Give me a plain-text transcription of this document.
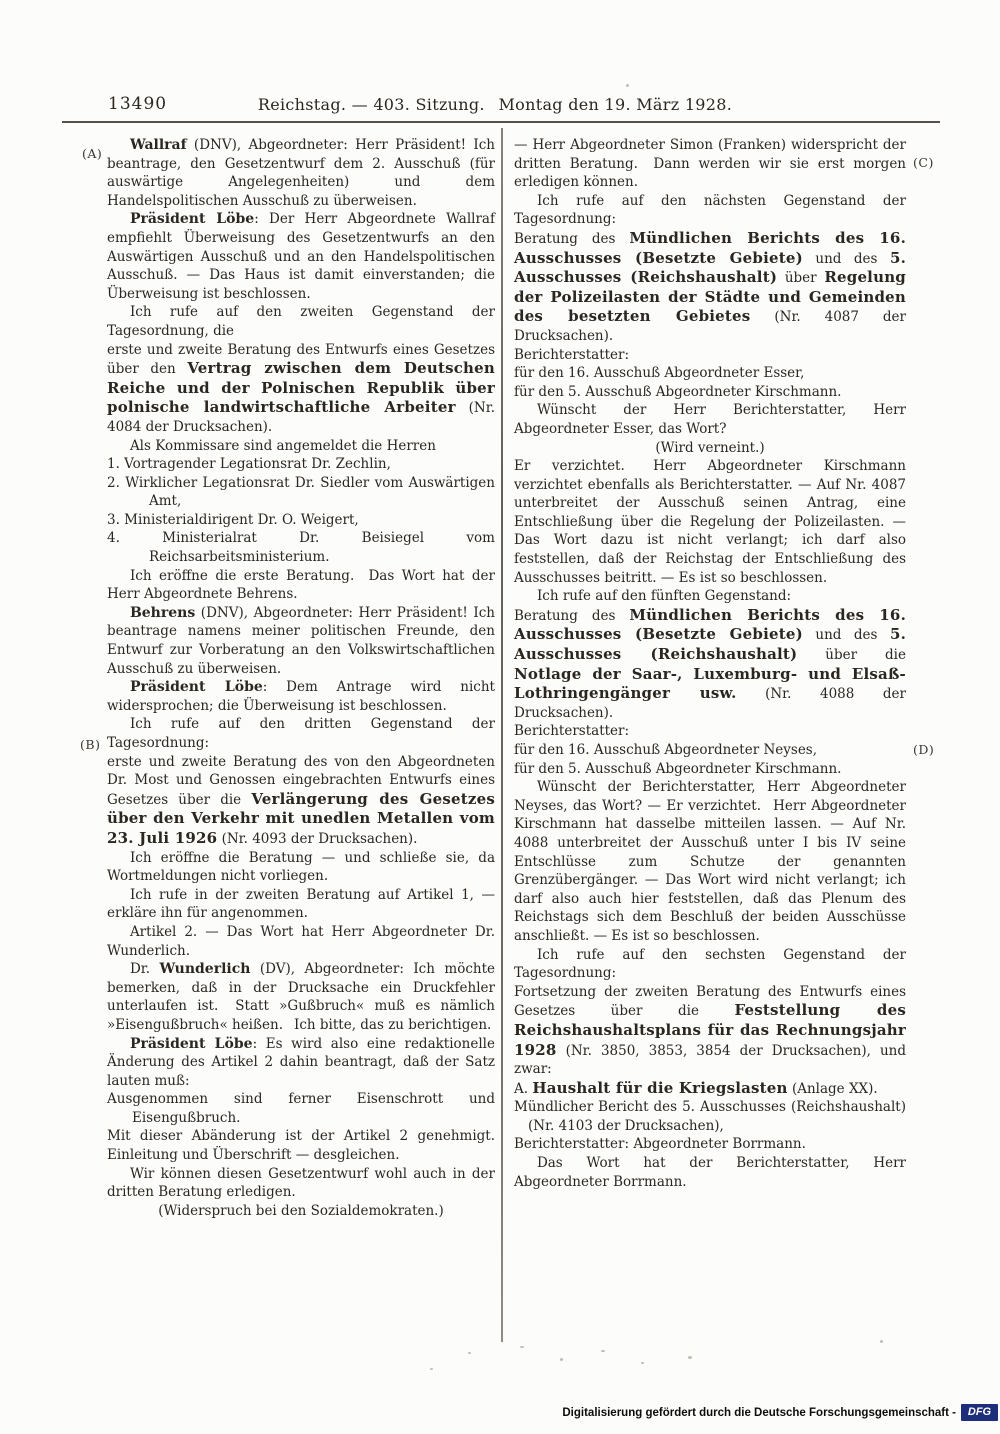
13490	Reichstag. — 403. Sitzung.  Montag den 19. März 1928.
(A)
(B)
(C)
(D)

Wallraf (DNV), Abgeordneter: Herr Präsident! Ich beantrage, den Gesetzentwurf dem 2. Ausschuß (für auswärtige Angelegenheiten) und dem Handelspolitischen Ausschuß zu überweisen.

Präsident Löbe: Der Herr Abgeordnete Wallraf empfiehlt Überweisung des Gesetzentwurfs an den Auswärtigen Ausschuß und an den Handelspolitischen Ausschuß. — Das Haus ist damit einverstanden; die Überweisung ist beschlossen.

Ich rufe auf den zweiten Gegenstand der Tagesordnung, die

erste und zweite Beratung des Entwurfs eines Gesetzes über den Vertrag zwischen dem Deutschen Reiche und der Polnischen Republik über polnische landwirtschaftliche Arbeiter (Nr. 4084 der Drucksachen).

Als Kommissare sind angemeldet die Herren

1. Vortragender Legationsrat Dr. Zechlin,

2. Wirklicher Legationsrat Dr. Siedler vom Auswärtigen Amt,

3. Ministerialdirigent Dr. O. Weigert,

4. Ministerialrat Dr. Beisiegel vom Reichsarbeitsministerium.

Ich eröffne die erste Beratung.  Das Wort hat der Herr Abgeordnete Behrens.

Behrens (DNV), Abgeordneter: Herr Präsident! Ich beantrage namens meiner politischen Freunde, den Entwurf zur Vorberatung an den Volkswirtschaftlichen Ausschuß zu überweisen.

Präsident Löbe: Dem Antrage wird nicht widersprochen; die Überweisung ist beschlossen.

Ich rufe auf den dritten Gegenstand der Tagesordnung:

erste und zweite Beratung des von den Abgeordneten Dr. Most und Genossen eingebrachten Entwurfs eines Gesetzes über die Verlängerung des Gesetzes über den Verkehr mit unedlen Metallen vom 23. Juli 1926 (Nr. 4093 der Drucksachen).

Ich eröffne die Beratung — und schließe sie, da Wortmeldungen nicht vorliegen.

Ich rufe in der zweiten Beratung auf Artikel 1, — erkläre ihn für angenommen.

Artikel 2. — Das Wort hat Herr Abgeordneter Dr. Wunderlich.

Dr. Wunderlich (DV), Abgeordneter: Ich möchte bemerken, daß in der Drucksache ein Druckfehler unterlaufen ist.  Statt »Gußbruch« muß es nämlich »Eisengußbruch« heißen.  Ich bitte, das zu berichtigen.

Präsident Löbe: Es wird also eine redaktionelle Änderung des Artikel 2 dahin beantragt, daß der Satz lauten muß:

Ausgenommen sind ferner Eisenschrott und Eisengußbruch.

Mit dieser Abänderung ist der Artikel 2 genehmigt. Einleitung und Überschrift — desgleichen.

Wir können diesen Gesetzentwurf wohl auch in der dritten Beratung erledigen.

(Widerspruch bei den Sozialdemokraten.)

— Herr Abgeordneter Simon (Franken) widerspricht der dritten Beratung.  Dann werden wir sie erst morgen erledigen können.

Ich rufe auf den nächsten Gegenstand der Tagesordnung:

Beratung des Mündlichen Berichts des 16. Ausschusses (Besetzte Gebiete) und des 5. Ausschusses (Reichshaushalt) über Regelung der Polizeilasten der Städte und Gemeinden des besetzten Gebietes (Nr. 4087 der Drucksachen).

Berichterstatter:

für den 16. Ausschuß Abgeordneter Esser,

für den 5. Ausschuß Abgeordneter Kirschmann.

Wünscht der Herr Berichterstatter, Herr Abgeordneter Esser, das Wort?

(Wird verneint.)

Er verzichtet.  Herr Abgeordneter Kirschmann verzichtet ebenfalls als Berichterstatter. — Auf Nr. 4087 unterbreitet der Ausschuß seinen Antrag, eine Entschließung über die Regelung der Polizeilasten. — Das Wort dazu ist nicht verlangt; ich darf also feststellen, daß der Reichstag der Entschließung des Ausschusses beitritt. — Es ist so beschlossen.

Ich rufe auf den fünften Gegenstand:

Beratung des Mündlichen Berichts des 16. Ausschusses (Besetzte Gebiete) und des 5. Ausschusses (Reichshaushalt) über die Notlage der Saar-, Luxemburg- und Elsaß-Lothringengänger usw. (Nr. 4088 der Drucksachen).

Berichterstatter:

für den 16. Ausschuß Abgeordneter Neyses,

für den 5. Ausschuß Abgeordneter Kirschmann.

Wünscht der Berichterstatter, Herr Abgeordneter Neyses, das Wort? — Er verzichtet.  Herr Abgeordneter Kirschmann hat dasselbe mitteilen lassen. — Auf Nr. 4088 unterbreitet der Ausschuß unter I bis IV seine Entschlüsse zum Schutze der genannten Grenzübergänger. — Das Wort wird nicht verlangt; ich darf also auch hier feststellen, daß das Plenum des Reichstags sich dem Beschluß der beiden Ausschüsse anschließt. — Es ist so beschlossen.

Ich rufe auf den sechsten Gegenstand der Tagesordnung:

Fortsetzung der zweiten Beratung des Entwurfs eines Gesetzes über die Feststellung des Reichshaushaltsplans für das Rechnungsjahr 1928 (Nr. 3850, 3853, 3854 der Drucksachen), und zwar:

A. Haushalt für die Kriegslasten (Anlage XX).

Mündlicher Bericht des 5. Ausschusses (Reichshaushalt) (Nr. 4103 der Drucksachen),

Berichterstatter: Abgeordneter Borrmann.

Das Wort hat der Berichterstatter, Herr Abgeordneter Borrmann.

Digitalisierung gefördert durch die Deutsche Forschungsgemeinschaft -	DFG
